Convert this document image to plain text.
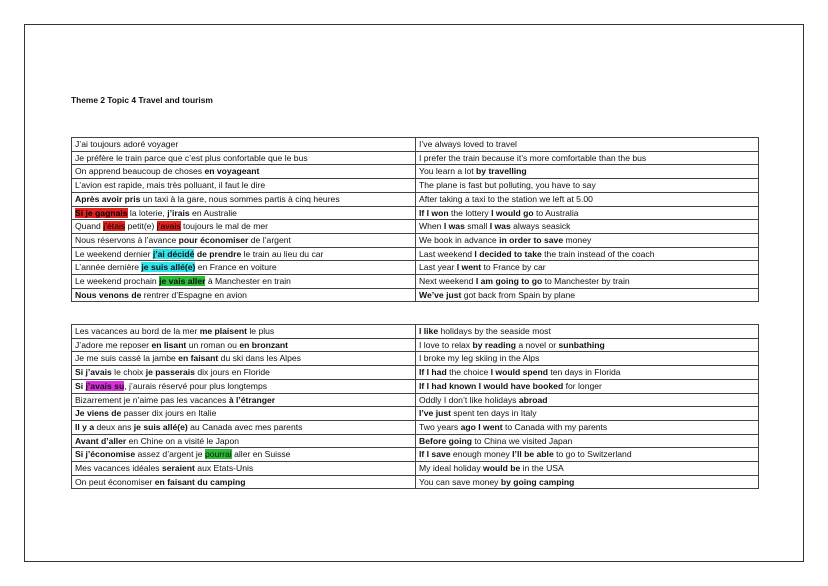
Theme 2 Topic 4 Travel and tourism
J’ai toujours adoré voyager	I’ve always loved to travel
Je préfère le train parce que c’est plus confortable que le bus	I prefer the train because it’s more comfortable than the bus
On apprend beaucoup de choses en voyageant	You learn a lot by travelling
L’avion est rapide, mais très polluant, il faut le dire	The plane is fast but polluting, you have to say
Après avoir pris un taxi à la gare, nous sommes partis à cinq heures	After taking a taxi to the station we left at 5.00
Si je gagnais la loterie, j’irais en Australie	If I won the lottery I would go to Australia
Quand j’étais petit(e) j’avais toujours le mal de mer	When I was small I was always seasick
Nous réservons à l’avance pour économiser de l’argent	We book in advance in order to save money
Le weekend dernier j’ai décidé de prendre le train au lieu du car	Last weekend I decided to take the train instead of the coach
L’année dernière je suis allé(e) en France en voiture	Last year I went to France by car
Le weekend prochain je vais aller à Manchester en train	Next weekend I am going to go to Manchester by train
Nous venons de rentrer d’Espagne en avion	We’ve just got back from Spain by plane
Les vacances au bord de la mer me plaisent le plus	I like holidays by the seaside most
J’adore me reposer en lisant un roman ou en bronzant	I love to relax by reading a novel or sunbathing
Je me suis cassé la jambe en faisant du ski dans les Alpes	I broke my leg skiing in the Alps
Si j’avais le choix je passerais dix jours en Floride	If I had the choice I would spend ten days in Florida
Si j’avais su, j’aurais réservé pour plus longtemps	If I had known I would have booked for longer
Bizarrement je n’aime pas les vacances à l’étranger	Oddly I don’t like holidays abroad
Je viens de passer dix jours en Italie	I’ve just spent ten days in Italy
Il y a deux ans je suis allé(e) au Canada avec mes parents	Two years ago I went to Canada with my parents
Avant d’aller en Chine on a visité le Japon	Before going to China we visited Japan
Si j’économise assez d’argent je pourrai aller en Suisse	If I save enough money I’ll be able to go to Switzerland
Mes vacances idéales seraient aux Etats-Unis	My ideal holiday would be in the USA
On peut économiser en faisant du camping	You can save money by going camping
